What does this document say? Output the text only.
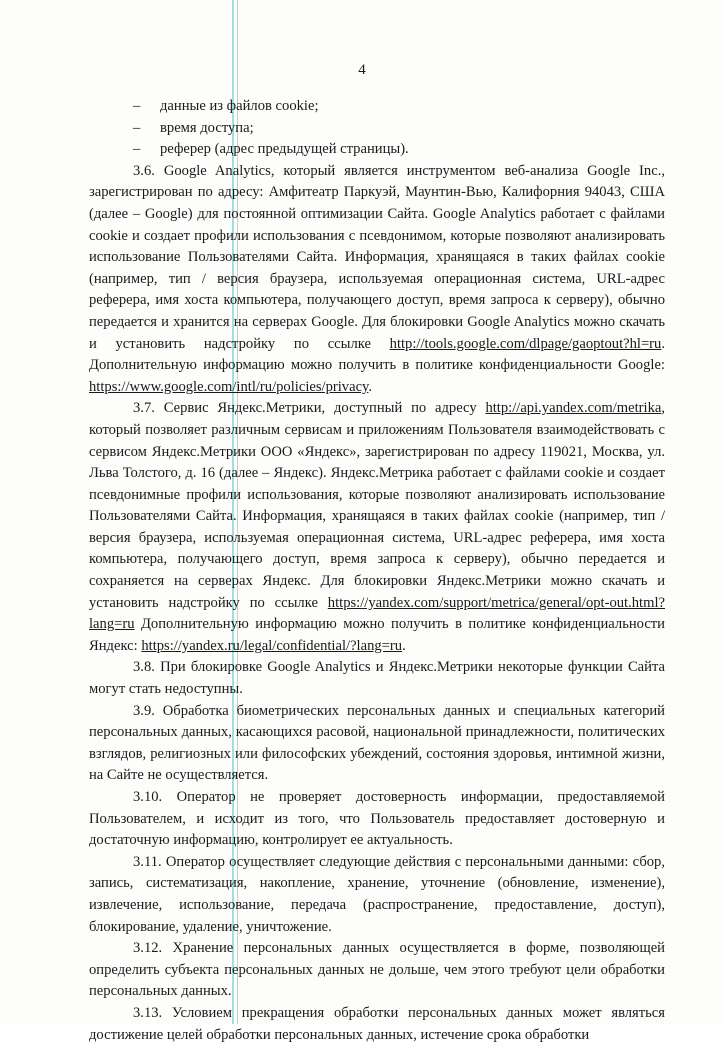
4

– данные из файлов cookie;

– время доступа;

– реферер (адрес предыдущей страницы).

3.6. Google Analytics, который является инструментом веб-анализа Google Inc., зарегистрирован по адресу: Амфитеатр Паркуэй, Маунтин-Вью, Калифорния 94043, США (далее – Google) для постоянной оптимизации Сайта. Google Analytics работает с файлами cookie и создает профили использования с псевдонимом, которые позволяют анализировать использование Пользователями Сайта. Информация, хранящаяся в таких файлах cookie (например, тип / версия браузера, используемая операционная система, URL-адрес реферера, имя хоста компьютера, получающего доступ, время запроса к серверу), обычно передается и хранится на серверах Google. Для блокировки Google Analytics можно скачать и установить надстройку по ссылке http://tools.google.com/dlpage/gaoptout?hl=ru. Дополнительную информацию можно получить в политике конфиденциальности Google: https://www.google.com/intl/ru/policies/privacy.

3.7. Сервис Яндекс.Метрики, доступный по адресу http://api.yandex.com/metrika, который позволяет различным сервисам и приложениям Пользователя взаимодействовать с сервисом Яндекс.Метрики ООО «Яндекс», зарегистрирован по адресу 119021, Москва, ул. Льва Толстого, д. 16 (далее – Яндекс). Яндекс.Метрика работает с файлами cookie и создает псевдонимные профили использования, которые позволяют анализировать использование Пользователями Сайта. Информация, хранящаяся в таких файлах cookie (например, тип / версия браузера, используемая операционная система, URL-адрес реферера, имя хоста компьютера, получающего доступ, время запроса к серверу), обычно передается и сохраняется на серверах Яндекс. Для блокировки Яндекс.Метрики можно скачать и установить надстройку по ссылке https://yandex.com/support/metrica/general/opt-out.html?lang=ru Дополнительную информацию можно получить в политике конфиденциальности Яндекс: https://yandex.ru/legal/confidential/?lang=ru.

3.8. При блокировке Google Analytics и Яндекс.Метрики некоторые функции Сайта могут стать недоступны.

3.9. Обработка биометрических персональных данных и специальных категорий персональных данных, касающихся расовой, национальной принадлежности, политических взглядов, религиозных или философских убеждений, состояния здоровья, интимной жизни, на Сайте не осуществляется.

3.10. Оператор не проверяет достоверность информации, предоставляемой Пользователем, и исходит из того, что Пользователь предоставляет достоверную и достаточную информацию, контролирует ее актуальность.

3.11. Оператор осуществляет следующие действия с персональными данными: сбор, запись, систематизация, накопление, хранение, уточнение (обновление, изменение), извлечение, использование, передача (распространение, предоставление, доступ), блокирование, удаление, уничтожение.

3.12. Хранение персональных данных осуществляется в форме, позволяющей определить субъекта персональных данных не дольше, чем этого требуют цели обработки персональных данных.

3.13. Условием прекращения обработки персональных данных может являться достижение целей обработки персональных данных, истечение срока обработки
